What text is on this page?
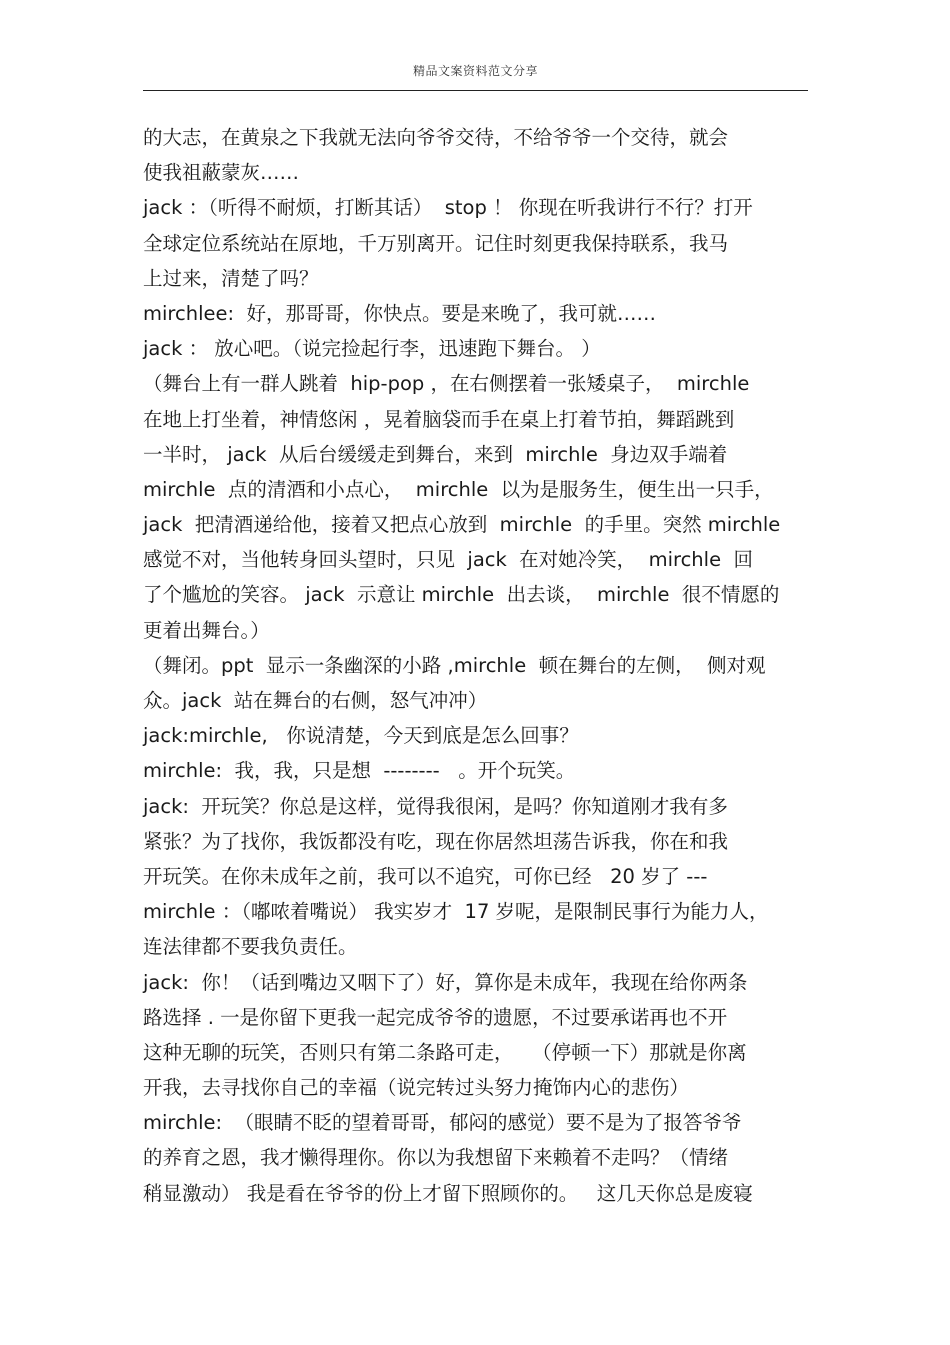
精品文案资料范文分享
的大志，在黄泉之下我就无法向爷爷交待，不给爷爷一个交待，就会
使我祖蔽蒙灰……
jack ：（听得不耐烦，打断其话）  stop ！ 你现在听我讲行不行？打开
全球定位系统站在原地，千万别离开。记住时刻更我保持联系，我马
上过来，清楚了吗？
mirchlee:  好，那哥哥，你快点。要是来晚了，我可就……
jack ： 放心吧。（说完捡起行李，迅速跑下舞台。 ）
（舞台上有一群人跳着  hip-pop ，在右侧摆着一张矮桌子，  mirchle
在地上打坐着，神情悠闲 ，晃着脑袋而手在桌上打着节拍，舞蹈跳到
一半时， jack  从后台缓缓走到舞台，来到  mirchle  身边双手端着
mirchle  点的清酒和小点心，  mirchle  以为是服务生，便生出一只手，
jack  把清酒递给他，接着又把点心放到  mirchle  的手里。突然 mirchle
感觉不对，当他转身回头望时，只见  jack  在对她冷笑，  mirchle  回
了个尴尬的笑容。 jack  示意让 mirchle  出去谈，  mirchle  很不情愿的
更着出舞台。）
（舞闭。ppt  显示一条幽深的小路 ,mirchle  顿在舞台的左侧，  侧对观
众。jack  站在舞台的右侧，怒气冲冲）
jack:mirchle,   你说清楚，今天到底是怎么回事？
mirchle:  我，我，只是想  --------   。开个玩笑。
jack:  开玩笑？你总是这样，觉得我很闲，是吗？你知道刚才我有多
紧张？为了找你，我饭都没有吃，现在你居然坦荡告诉我，你在和我
开玩笑。在你未成年之前，我可以不追究，可你已经   20 岁了 ---
mirchle ：（嘟哝着嘴说） 我实岁才  17 岁呢，是限制民事行为能力人，
连法律都不要我负责任。
jack:  你！（话到嘴边又咽下了）好，算你是未成年，我现在给你两条
路选择 . 一是你留下更我一起完成爷爷的遗愿，不过要承诺再也不开
这种无聊的玩笑，否则只有第二条路可走，   （停顿一下）那就是你离
开我，去寻找你自己的幸福（说完转过头努力掩饰内心的悲伤）
mirchle:  （眼睛不眨的望着哥哥，郁闷的感觉）要不是为了报答爷爷
的养育之恩，我才懒得理你。你以为我想留下来赖着不走吗？（情绪
稍显激动） 我是看在爷爷的份上才留下照顾你的。   这几天你总是废寝
